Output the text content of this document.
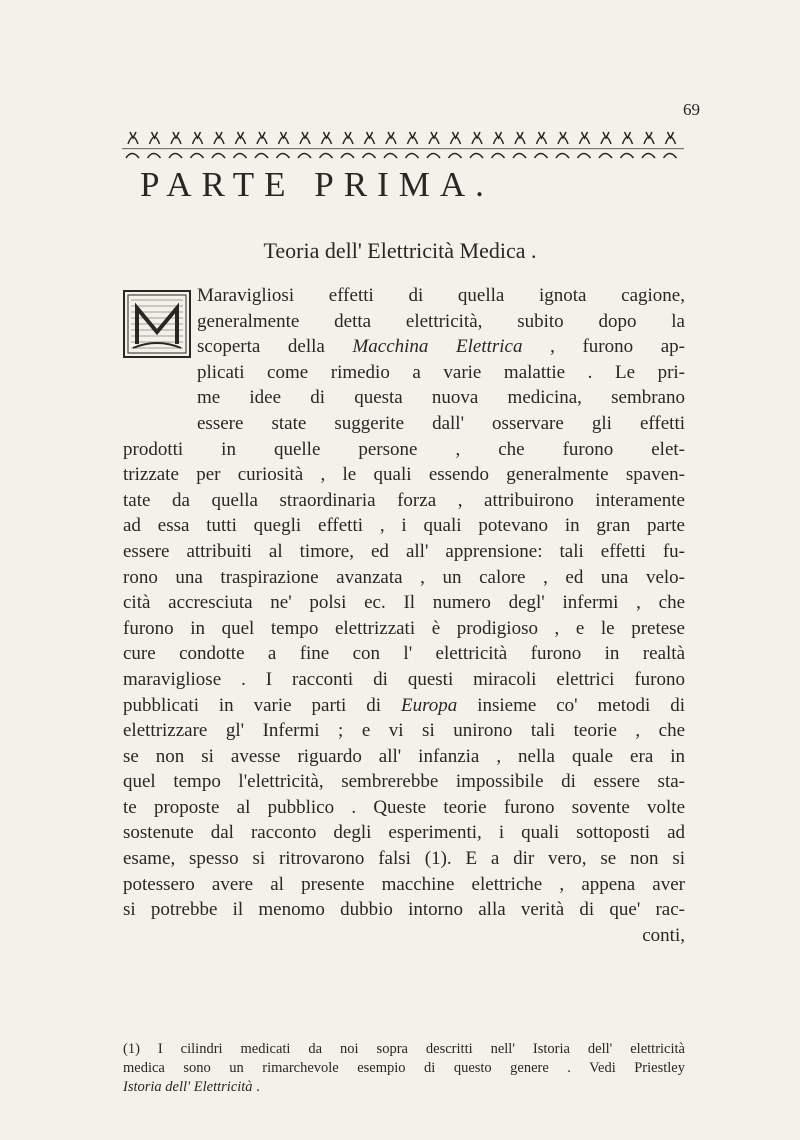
69
PARTE PRIMA.
Teoria dell' Elettricità Medica .
Maravigliosi effetti di quella ignota cagione,
generalmente detta elettricità, subito dopo la
scoperta della Macchina Elettrica , furono ap-
plicati come rimedio a varie malattie . Le pri-
me idee di questa nuova medicina, sembrano
essere state suggerite dall' osservare gli effetti
prodotti in quelle persone , che furono elet-
trizzate per curiosità , le quali essendo generalmente spaven-
tate da quella straordinaria forza , attribuirono interamente
ad essa tutti quegli effetti , i quali potevano in gran parte
essere attribuiti al timore, ed all' apprensione: tali effetti fu-
rono una traspirazione avanzata , un calore , ed una velo-
cità accresciuta ne' polsi ec. Il numero degl' infermi , che
furono in quel tempo elettrizzati è prodigioso , e le pretese
cure condotte a fine con l' elettricità furono in realtà
maravigliose . I racconti di questi miracoli elettrici furono
pubblicati in varie parti di Europa insieme co' metodi di
elettrizzare gl' Infermi ; e vi si unirono tali teorie , che
se non si avesse riguardo all' infanzia , nella quale era in
quel tempo l'elettricità, sembrerebbe impossibile di essere sta-
te proposte al pubblico . Queste teorie furono sovente volte
sostenute dal racconto degli esperimenti, i quali sottoposti ad
esame, spesso si ritrovarono falsi (1). E a dir vero, se non si
potessero avere al presente macchine elettriche , appena aver
si potrebbe il menomo dubbio intorno alla verità di que' rac-
conti,
(1) I cilindri medicati da noi sopra descritti nell' Istoria dell' elettricità
medica sono un rimarchevole esempio di questo genere . Vedi Priestley
Istoria dell' Elettricità .
